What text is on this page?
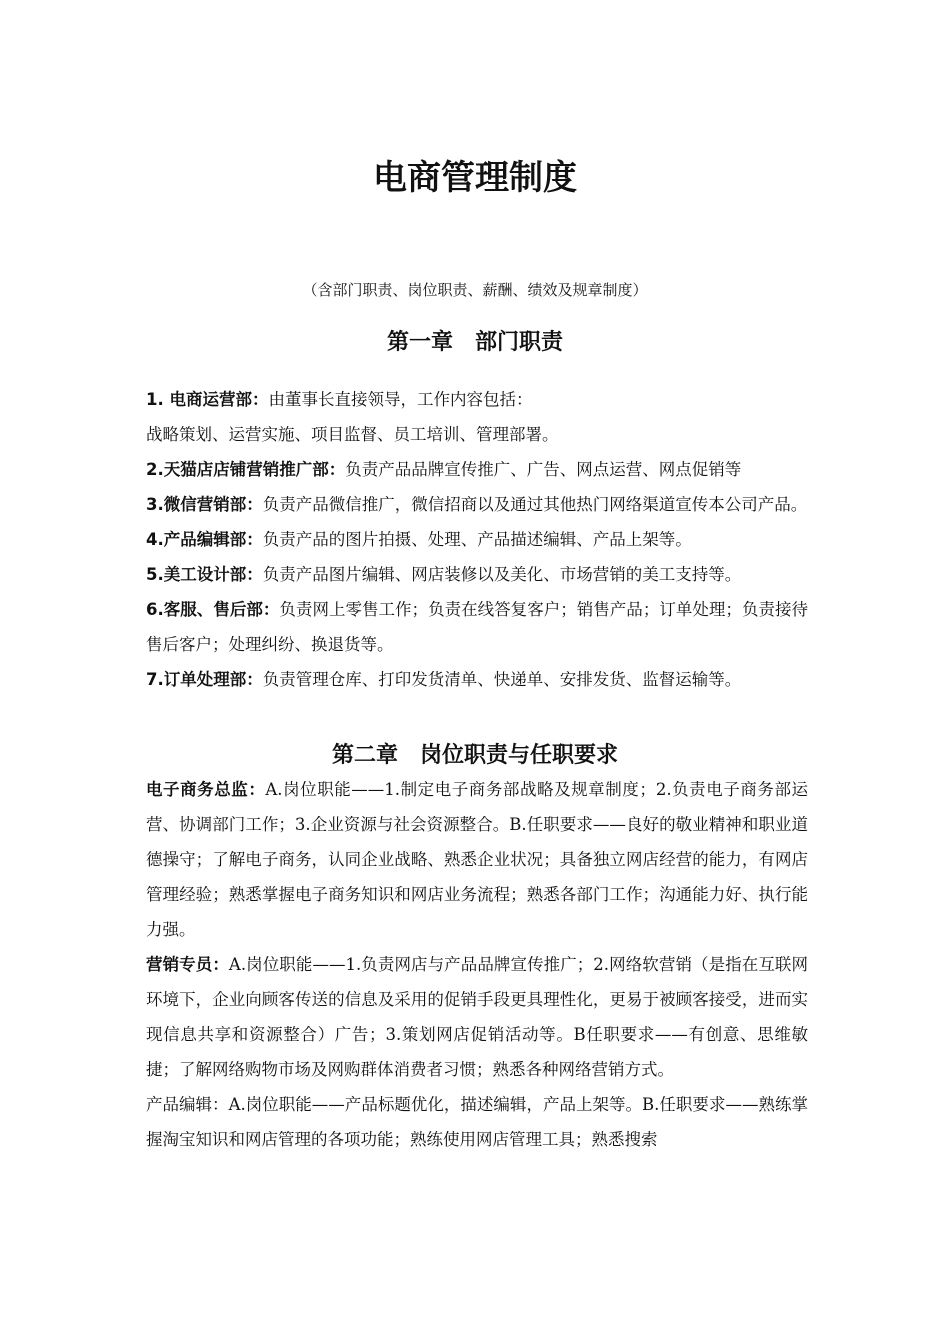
电商管理制度

（含部门职责、岗位职责、薪酬、绩效及规章制度）

第一章 部门职责

1. 电商运营部：由董事长直接领导，工作内容包括：

战略策划、运营实施、项目监督、员工培训、管理部署。

2.天猫店店铺营销推广部：负责产品品牌宣传推广、广告、网点运营、网点促销等

3.微信营销部：负责产品微信推广，微信招商以及通过其他热门网络渠道宣传本公司产品。

4.产品编辑部：负责产品的图片拍摄、处理、产品描述编辑、产品上架等。

5.美工设计部：负责产品图片编辑、网店装修以及美化、市场营销的美工支持等。

6.客服、售后部：负责网上零售工作；负责在线答复客户；销售产品；订单处理；负责接待售后客户；处理纠纷、换退货等。

7.订单处理部：负责管理仓库、打印发货清单、快递单、安排发货、监督运输等。

第二章 岗位职责与任职要求

电子商务总监：A.岗位职能——1.制定电子商务部战略及规章制度；2.负责电子商务部运营、协调部门工作；3.企业资源与社会资源整合。B.任职要求——良好的敬业精神和职业道德操守；了解电子商务，认同企业战略、熟悉企业状况；具备独立网店经营的能力，有网店管理经验；熟悉掌握电子商务知识和网店业务流程；熟悉各部门工作；沟通能力好、执行能力强。

营销专员：A.岗位职能——1.负责网店与产品品牌宣传推广；2.网络软营销（是指在互联网环境下，企业向顾客传送的信息及采用的促销手段更具理性化，更易于被顾客接受，进而实现信息共享和资源整合）广告；3.策划网店促销活动等。B任职要求——有创意、思维敏捷；了解网络购物市场及网购群体消费者习惯；熟悉各种网络营销方式。

产品编辑：A.岗位职能——产品标题优化，描述编辑，产品上架等。B.任职要求——熟练掌握淘宝知识和网店管理的各项功能；熟练使用网店管理工具；熟悉搜索
